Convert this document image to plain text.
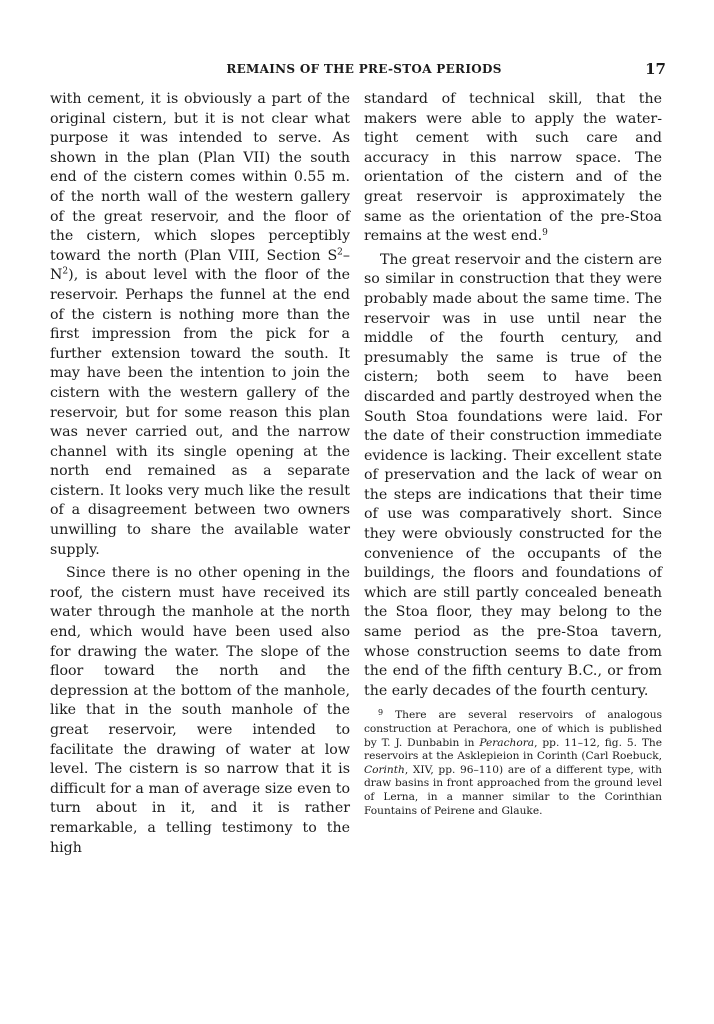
REMAINS OF THE PRE-STOA PERIODS	17

with cement, it is obviously a part of the original cistern, but it is not clear what purpose it was intended to serve. As shown in the plan (Plan VII) the south end of the cistern comes within 0.55 m. of the north wall of the western gallery of the great reservoir, and the floor of the cistern, which slopes perceptibly toward the north (Plan VIII, Section $S^2-N^2$), is about level with the floor of the reservoir. Perhaps the funnel at the end of the cistern is nothing more than the first impression from the pick for a further extension toward the south. It may have been the intention to join the cistern with the western gallery of the reservoir, but for some reason this plan was never carried out, and the narrow channel with its single opening at the north end remained as a separate cistern. It looks very much like the result of a disagreement between two owners unwilling to share the available water supply.

Since there is no other opening in the roof, the cistern must have received its water through the manhole at the north end, which would have been used also for drawing the water. The slope of the floor toward the north and the depression at the bottom of the manhole, like that in the south manhole of the great reservoir, were intended to facilitate the drawing of water at low level. The cistern is so narrow that it is difficult for a man of average size even to turn about in it, and it is rather remarkable, a telling testimony to the high

standard of technical skill, that the makers were able to apply the water-tight cement with such care and accuracy in this narrow space. The orientation of the cistern and of the great reservoir is approximately the same as the orientation of the pre-Stoa remains at the west end.$^9$

The great reservoir and the cistern are so similar in construction that they were probably made about the same time. The reservoir was in use until near the middle of the fourth century, and presumably the same is true of the cistern; both seem to have been discarded and partly destroyed when the South Stoa foundations were laid. For the date of their construction immediate evidence is lacking. Their excellent state of preservation and the lack of wear on the steps are indications that their time of use was comparatively short. Since they were obviously constructed for the convenience of the occupants of the buildings, the floors and foundations of which are still partly concealed beneath the Stoa floor, they may belong to the same period as the pre-Stoa tavern, whose construction seems to date from the end of the fifth century B.C., or from the early decades of the fourth century.

$^9$ There are several reservoirs of analogous construction at Perachora, one of which is published by T. J. Dunbabin in Perachora, pp. 11–12, fig. 5. The reservoirs at the Asklepieion in Corinth (Carl Roebuck, Corinth, XIV, pp. 96–110) are of a different type, with draw basins in front approached from the ground level of Lerna, in a manner similar to the Corinthian Fountains of Peirene and Glauke.
